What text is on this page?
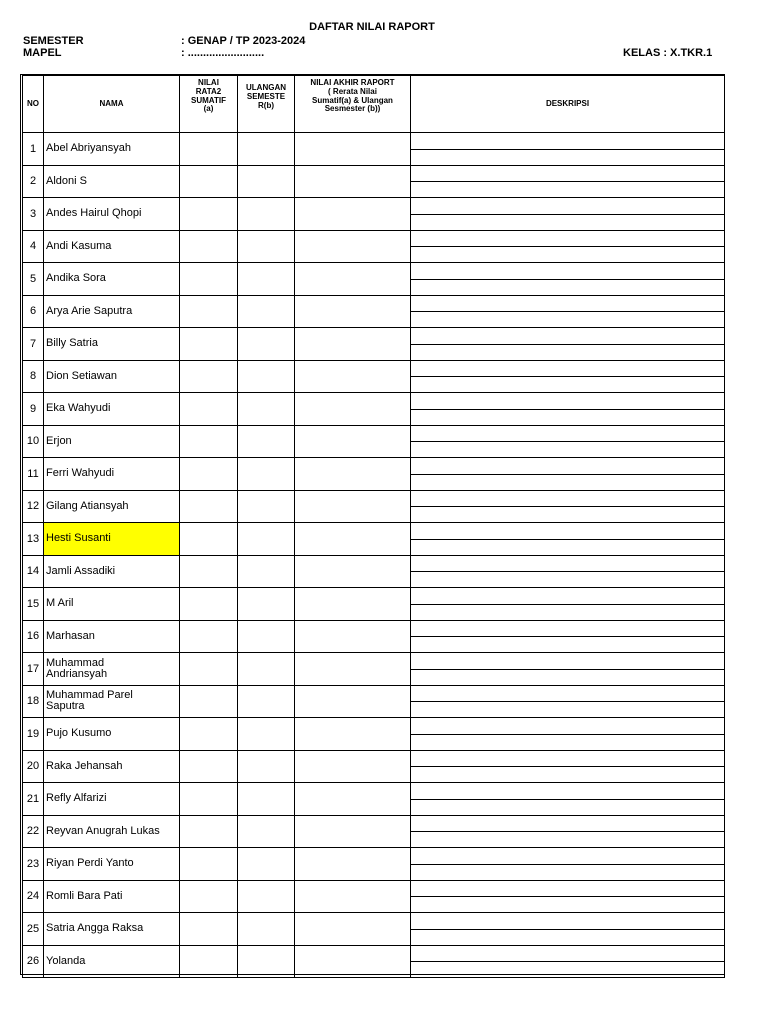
DAFTAR NILAI RAPORT
SEMESTER	: GENAP / TP 2023-2024
MAPEL	: .........................	KELAS : X.TKR.1
NO	NAMA	NILAI
RATA2
SUMATIF
(a)	ULANGAN
SEMESTE
R(b)	NILAI AKHIR RAPORT
( Rerata Nilai
Sumatif(a) & Ulangan
Sesmester (b))	DESKRIPSI
1	Abel Abriyansyah				

2	Aldoni S				

3	Andes Hairul Qhopi				

4	Andi Kasuma				

5	Andika Sora				

6	Arya Arie Saputra				

7	Billy Satria				

8	Dion Setiawan				

9	Eka Wahyudi				

10	Erjon				

11	Ferri Wahyudi				

12	Gilang Atiansyah				

13	Hesti Susanti				

14	Jamli Assadiki				

15	M Aril				

16	Marhasan				

17	Muhammad
Andriansyah				

18	Muhammad Parel
Saputra				

19	Pujo Kusumo				

20	Raka Jehansah				

21	Refly Alfarizi				

22	Reyvan Anugrah Lukas				

23	Riyan Perdi Yanto				

24	Romli Bara Pati				

25	Satria Angga Raksa				

26	Yolanda				
